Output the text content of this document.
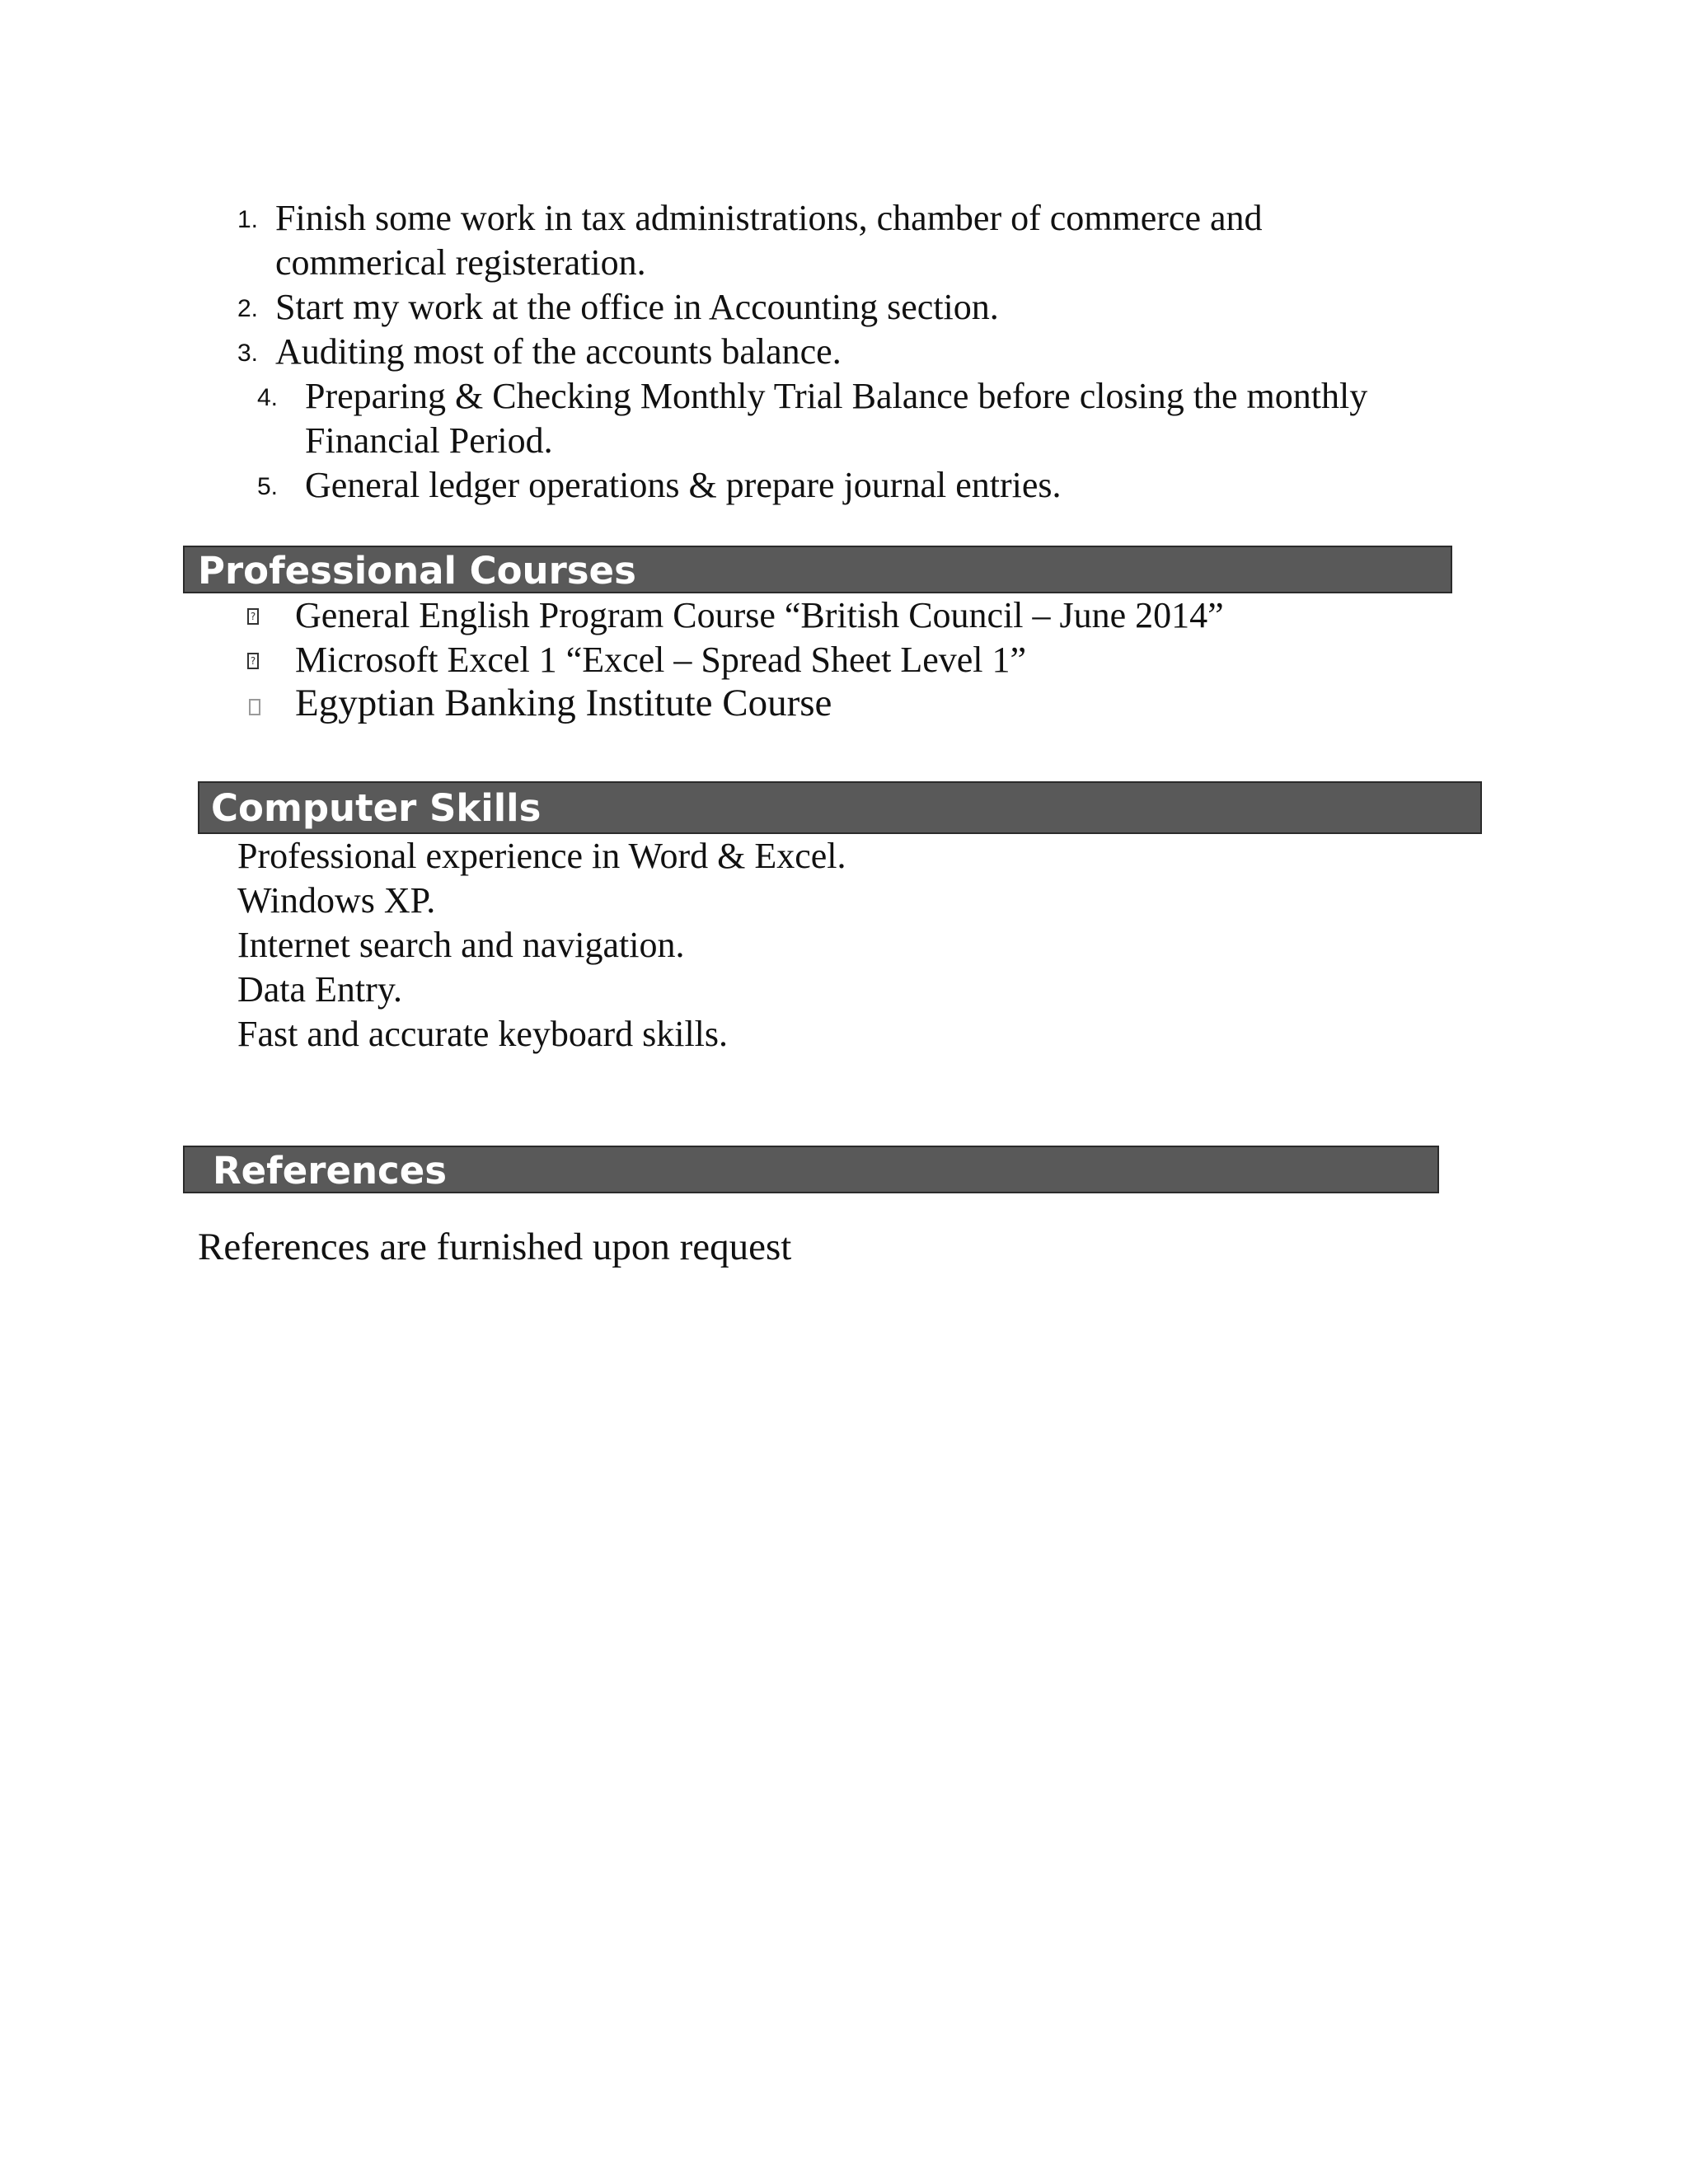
1. Finish some work in tax administrations, chamber of commerce and
commerical registeration.
2. Start my work at the office in Accounting section.
3. Auditing most of the accounts balance.
4. Preparing & Checking Monthly Trial Balance before closing the monthly
Financial Period.
5. General ledger operations & prepare journal entries.
Professional Courses
? General English Program Course “British Council – June 2014”
? Microsoft Excel 1 “Excel – Spread Sheet Level 1”
Egyptian Banking Institute Course
Computer Skills
Professional experience in Word & Excel.
Windows XP.
Internet search and navigation.
Data Entry.
Fast and accurate keyboard skills.
References
References are furnished upon request
